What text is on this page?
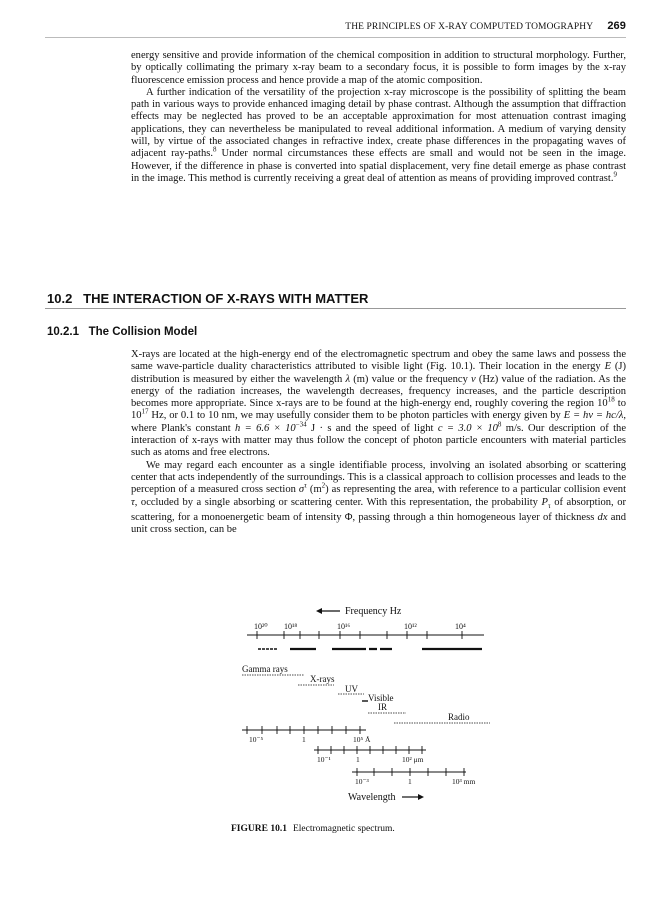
THE PRINCIPLES OF X-RAY COMPUTED TOMOGRAPHY 269

energy sensitive and provide information of the chemical composition in addition to structural morphology. Further, by optically collimating the primary x-ray beam to a secondary focus, it is possible to form images by the x-ray fluorescence emission process and hence provide a map of the atomic composition.

A further indication of the versatility of the projection x-ray microscope is the possibility of splitting the beam path in various ways to provide enhanced imaging detail by phase contrast. Although the assumption that diffraction effects may be neglected has proved to be an acceptable approximation for most attenuation contrast imaging applications, they can nevertheless be manipulated to reveal additional information. A medium of varying density will, by virtue of the associated changes in refractive index, create phase differences in the propagating waves of adjacent ray-paths.$^8$ Under normal circumstances these effects are small and would not be seen in the image. However, if the difference in phase is converted into spatial displacement, very fine detail emerge as phase contrast in the image. This method is currently receiving a great deal of attention as means of providing improved contrast.$^9$

10.2 THE INTERACTION OF X-RAYS WITH MATTER
10.2.1 The Collision Model

X-rays are located at the high-energy end of the electromagnetic spectrum and obey the same laws and possess the same wave-particle duality characteristics attributed to visible light (Fig. 10.1). Their location in the energy E (J) distribution is measured by either the wavelength λ (m) value or the frequency ν (Hz) value of the radiation. As the energy of the radiation increases, the wavelength decreases, frequency increases, and the particle description becomes more appropriate. Since x-rays are to be found at the high-energy end, roughly covering the region $10^{18}$ to $10^{17}$ Hz, or 0.1 to 10 nm, we may usefully consider them to be photon particles with energy given by E = hν = hc/λ, where Plank's constant $h = 6.6 \times 10^{-34}$ J · s and the speed of light $c = 3.0 \times 10^8$ m/s. Our description of the interaction of x-rays with matter may thus follow the concept of photon particle encounters with material particles such as atoms and free electrons.

We may regard each encounter as a single identifiable process, involving an isolated absorbing or scattering center that acts independently of the surroundings. This is a classical approach to collision processes and leads to the perception of a measured cross section $\sigma^\tau$ $(m^2)$ as representing the area, with reference to a particular collision event τ, occluded by a single absorbing or scattering center. With this representation, the probability $P_\tau$ of absorption, or scattering, for a monoenergetic beam of intensity Φ, passing through a thin homogeneous layer of thickness dx and unit cross section, can be

Frequency Hz
10²⁰ 10¹⁸	10¹⁶	10¹²	10⁴
Gamma rays
X-rays
UV
Visible
IR
Radio
10⁻⁵	1	10⁵ Å
10⁻¹	1	10² μm
10⁻³	1	10³ mm
Wavelength
FIGURE 10.1 Electromagnetic spectrum.
